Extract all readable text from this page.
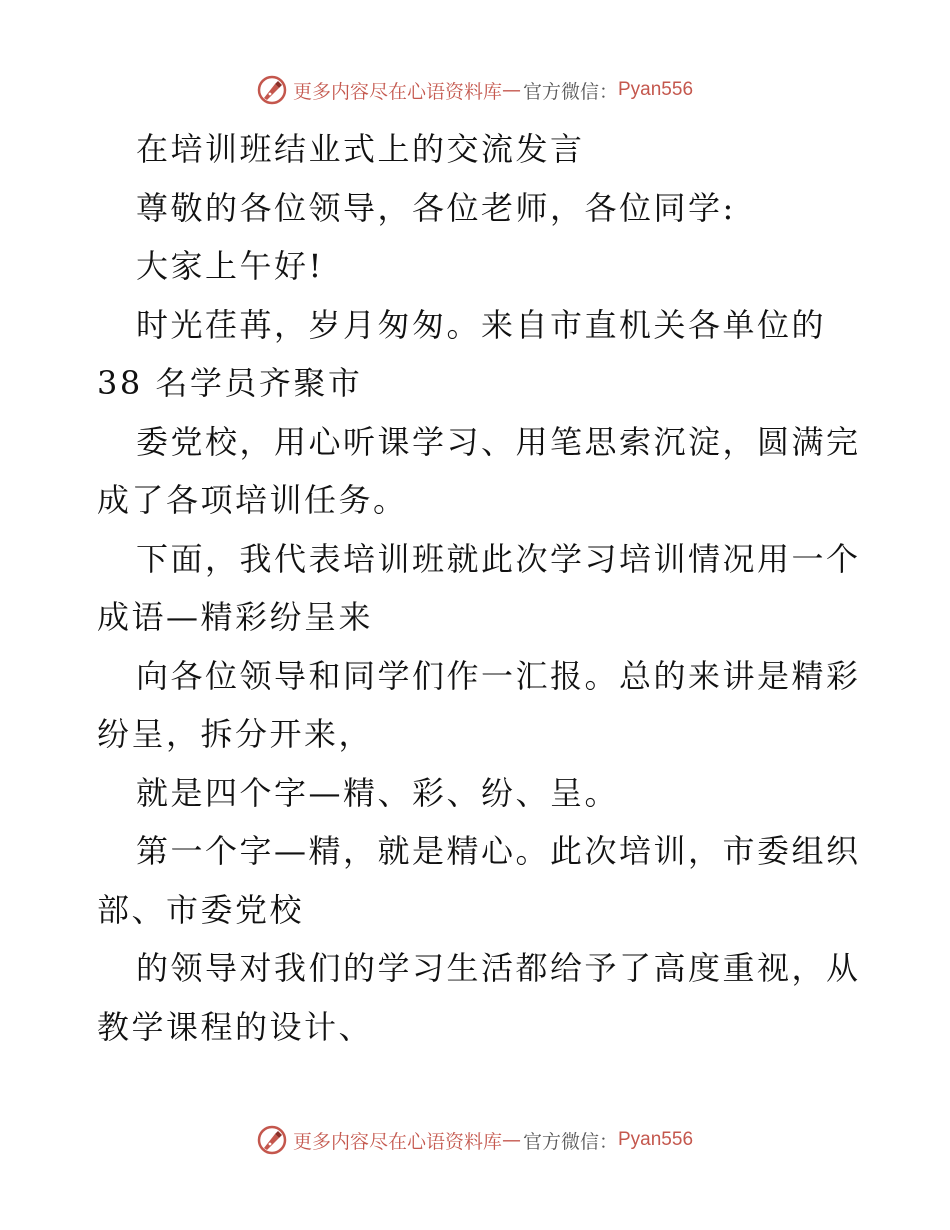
更多内容尽在心语资料库 — 官方微信： Pyan556
在培训班结业式上的交流发言
尊敬的各位领导，各位老师，各位同学:
大家上午好!
时光荏苒，岁月匆匆。来自市直机关各单位的
38 名学员齐聚市
委党校，用心听课学习、用笔思索沉淀，圆满完
成了各项培训任务。
下面，我代表培训班就此次学习培训情况用一个
成语—精彩纷呈来
向各位领导和同学们作一汇报。总的来讲是精彩
纷呈，拆分开来，
就是四个字—精、彩、纷、呈。
第一个字—精，就是精心。此次培训，市委组织
部、市委党校
的领导对我们的学习生活都给予了高度重视，从
教学课程的设计、
更多内容尽在心语资料库 — 官方微信： Pyan556
